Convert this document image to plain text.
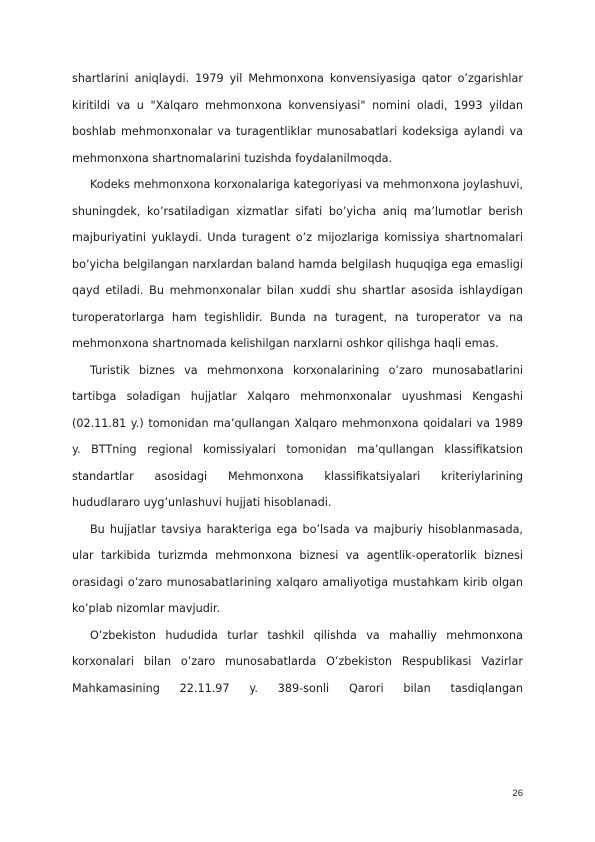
shartlarini aniqlaydi. 1979 yil Mehmonxona konvensiyasiga qator o’zgarishlar kiritildi va u "Xalqaro mehmonxona konvensiyasi" nomini oladi, 1993 yildan boshlab mehmonxonalar va turagentliklar munosabatlari kodeksiga aylandi va mehmonxona shartnomalarini tuzishda foydalanilmoqda.

Kodeks mehmonxona korxonalariga kategoriyasi va mehmonxona joylashuvi, shuningdek, ko’rsatiladigan xizmatlar sifati bo’yicha aniq ma’lumotlar berish majburiyatini yuklaydi. Unda turagent o’z mijozlariga komissiya shartnomalari bo’yicha belgilangan narxlardan baland hamda belgilash huquqiga ega emasligi qayd etiladi. Bu mehmonxonalar bilan xuddi shu shartlar asosida ishlaydigan turoperatorlarga ham tegishlidir. Bunda na turagent, na turoperator va na mehmonxona shartnomada kelishilgan narxlarni oshkor qilishga haqli emas.

Turistik biznes va mehmonxona korxonalarining o’zaro munosabatlarini tartibga soladigan hujjatlar Xalqaro mehmonxonalar uyushmasi Kengashi (02.11.81 y.) tomonidan ma’qullangan Xalqaro mehmonxona qoidalari va 1989 y. BTTning regional komissiyalari tomonidan ma’qullangan klassifikatsion standartlar asosidagi Mehmonxona klassifikatsiyalari kriteriylarining hududlararo uyg’unlashuvi hujjati hisoblanadi.

Bu hujjatlar tavsiya harakteriga ega bo’lsada va majburiy hisoblanmasada, ular tarkibida turizmda mehmonxona biznesi va agentlik-operatorlik biznesi orasidagi o’zaro munosabatlarining xalqaro amaliyotiga mustahkam kirib olgan ko’plab nizomlar mavjudir.

O’zbekiston hududida turlar tashkil qilishda va mahalliy mehmonxona korxonalari bilan o’zaro munosabatlarda O’zbekiston Respublikasi Vazirlar Mahkamasining 22.11.97 y. 389-sonli Qarori bilan tasdiqlangan

26
